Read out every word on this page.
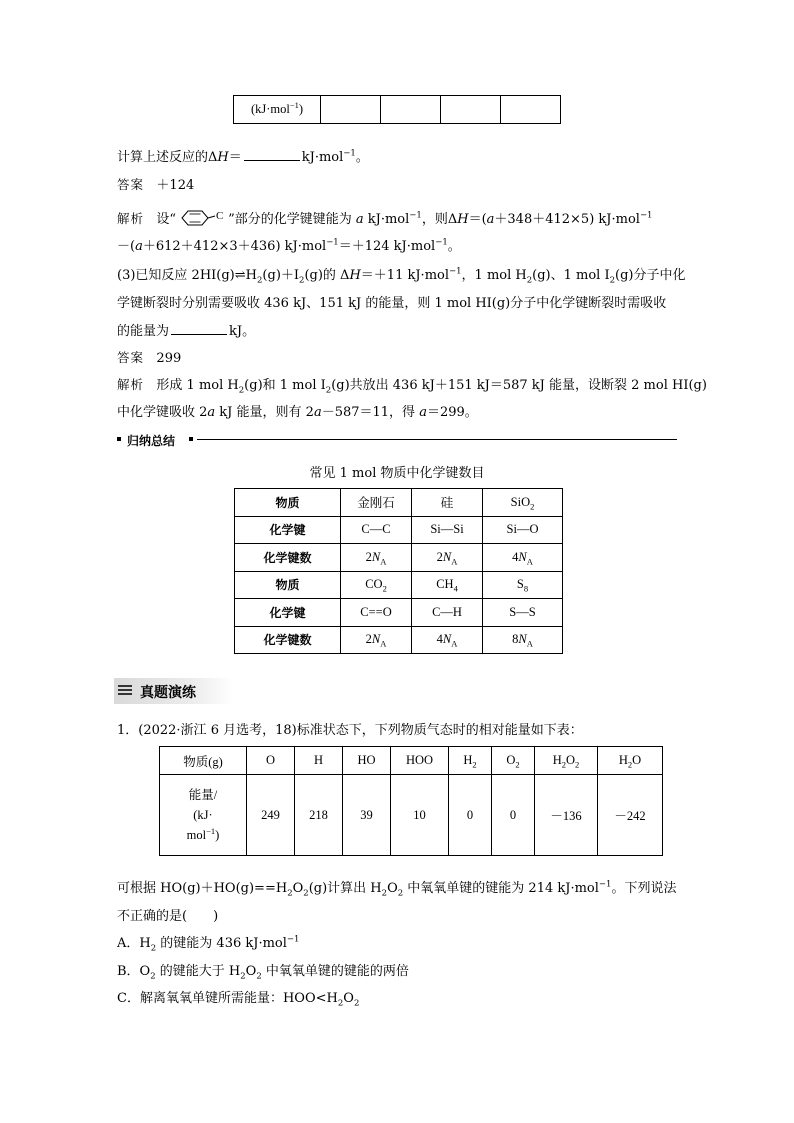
(kJ·mol$^{-1}$)				
计算上述反应的ΔH＝	kJ·mol$^{-1}$。
答案 ＋124
解析 设“	C ”部分的化学键键能为 a kJ·mol$^{-1}$，则ΔH＝(a＋348＋412×5) kJ·mol$^{-1}$
－(a＋612＋412×3＋436) kJ·mol$^{-1}$＝＋124 kJ·mol$^{-1}$。
(3)已知反应 $2HI(g)\rightleftharpoons H_2(g)+I_2(g)$的 ΔH＝＋11 kJ·mol$^{-1}$，1 mol $H_2(g)$、1 mol $I_2(g)$分子中化
学键断裂时分别需要吸收 436 kJ、151 kJ 的能量，则 1 mol HI(g)分子中化学键断裂时需吸收
的能量为	kJ。
答案 299
解析 形成 1 mol $H_2(g)$和 1 mol $I_2(g)$共放出 436 kJ＋151 kJ＝587 kJ 能量，设断裂 2 mol HI(g)
中化学键吸收 2a kJ 能量，则有 2a－587＝11，得 a＝299。
归纳总结
常见 1 mol 物质中化学键数目
物质	金刚石	硅	SiO$_2$
化学键	C—C	Si—Si	Si—O
化学键数	$2N_A$	$2N_A$	$4N_A$
物质	$CO_2$	$CH_4$	$S_8$
化学键	C==O	C—H	S—S
化学键数	$2N_A$	$4N_A$	$8N_A$
真题演练
1．(2022·浙江 6 月选考，18)标准状态下，下列物质气态时的相对能量如下表：
物质(g)	O	H	HO	HOO	$H_2$	$O_2$	$H_2O_2$	$H_2O$
能量/
(kJ·
mol$^{-1}$)	249	218	39	10	0	0	－136	－242
可根据 $HO(g)+HO(g)==H_2O_2(g)$计算出 $H_2O_2$ 中氧氧单键的键能为 214 kJ·mol$^{-1}$。下列说法
不正确的是(　　)
A．$H_2$ 的键能为 436 kJ·mol$^{-1}$
B．$O_2$ 的键能大于 $H_2O_2$ 中氧氧单键的键能的两倍
C．解离氧氧单键所需能量：$HOO<H_2O_2$
